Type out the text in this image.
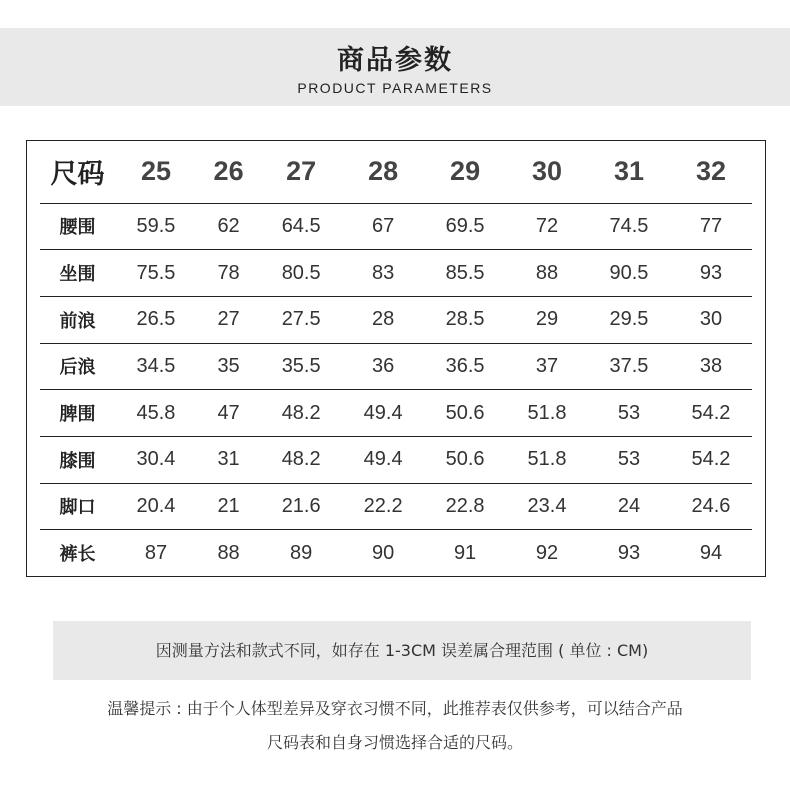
商品参数
PRODUCT PARAMETERS
尺码	25	26	27	28	29	30	31	32
腰围	59.5	62	64.5	67	69.5	72	74.5	77
坐围	75.5	78	80.5	83	85.5	88	90.5	93
前浪	26.5	27	27.5	28	28.5	29	29.5	30
后浪	34.5	35	35.5	36	36.5	37	37.5	38
脾围	45.8	47	48.2	49.4	50.6	51.8	53	54.2
膝围	30.4	31	48.2	49.4	50.6	51.8	53	54.2
脚口	20.4	21	21.6	22.2	22.8	23.4	24	24.6
裤长	87	88	89	90	91	92	93	94
因测量方法和款式不同，如存在 1-3CM 误差属合理范围 ( 单位 : CM)
温馨提示 : 由于个人体型差异及穿衣习惯不同，此推荐表仅供参考，可以结合产品
尺码表和自身习惯选择合适的尺码。
